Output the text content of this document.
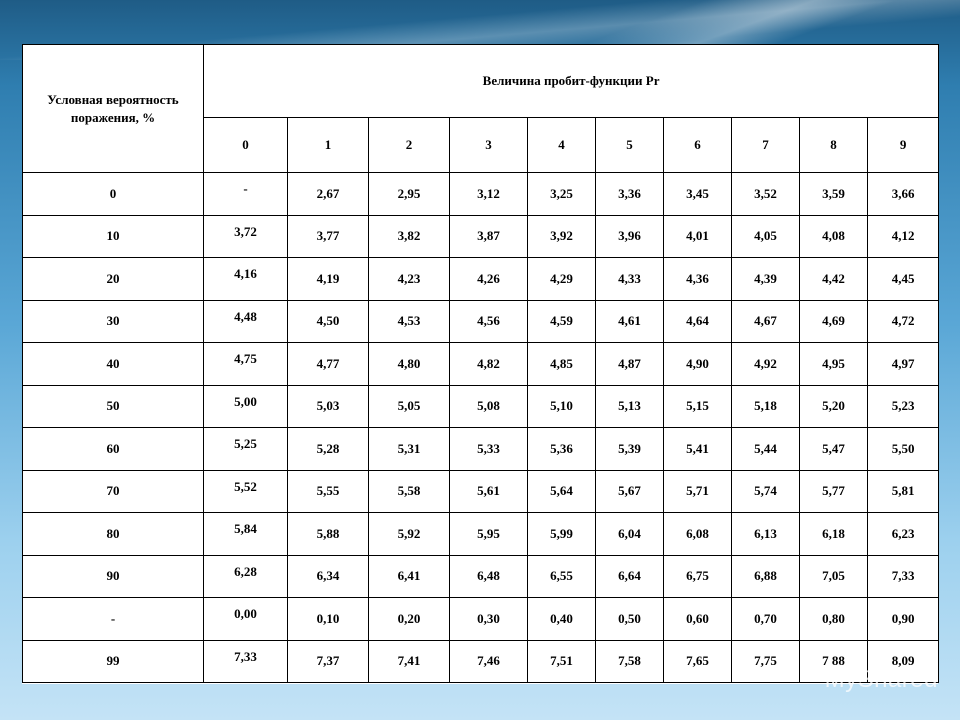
Условная вероятность поражения, %	Величина пробит-функции Pr									
	0	1	2	3	4	5	6	7	8	9
0	-	2,67	2,95	3,12	3,25	3,36	3,45	3,52	3,59	3,66
10	3,72	3,77	3,82	3,87	3,92	3,96	4,01	4,05	4,08	4,12
20	4,16	4,19	4,23	4,26	4,29	4,33	4,36	4,39	4,42	4,45
30	4,48	4,50	4,53	4,56	4,59	4,61	4,64	4,67	4,69	4,72
40	4,75	4,77	4,80	4,82	4,85	4,87	4,90	4,92	4,95	4,97
50	5,00	5,03	5,05	5,08	5,10	5,13	5,15	5,18	5,20	5,23
60	5,25	5,28	5,31	5,33	5,36	5,39	5,41	5,44	5,47	5,50
70	5,52	5,55	5,58	5,61	5,64	5,67	5,71	5,74	5,77	5,81
80	5,84	5,88	5,92	5,95	5,99	6,04	6,08	6,13	6,18	6,23
90	6,28	6,34	6,41	6,48	6,55	6,64	6,75	6,88	7,05	7,33
-	0,00	0,10	0,20	0,30	0,40	0,50	0,60	0,70	0,80	0,90
99	7,33	7,37	7,41	7,46	7,51	7,58	7,65	7,75	7 88	8,09
MyShared
